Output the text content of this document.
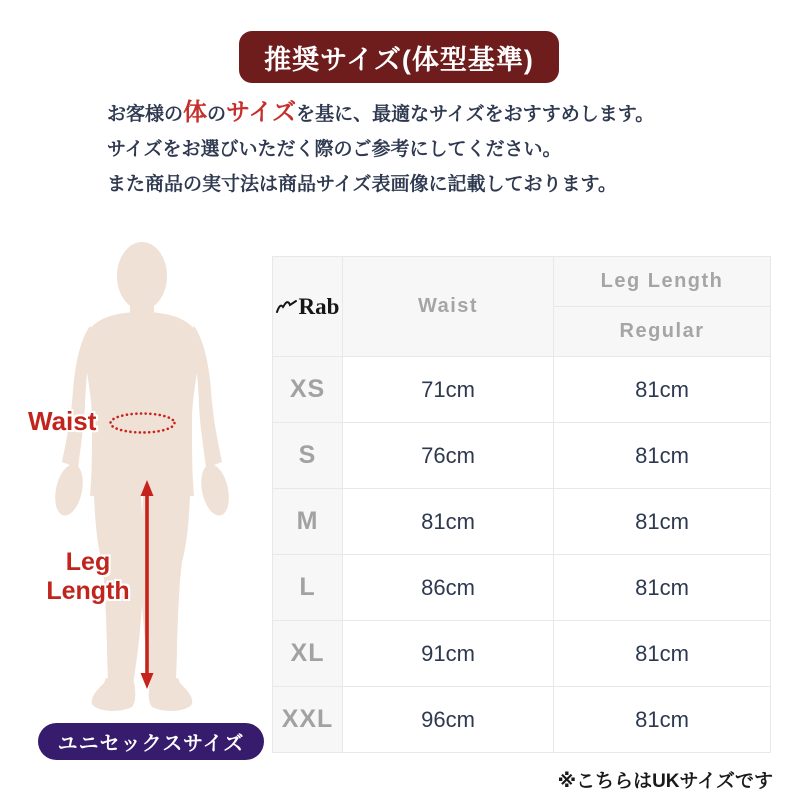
推奨サイズ(体型基準)

お客様の体のサイズを基に、最適なサイズをおすすめします。

サイズをお選びいただく際のご参考にしてください。

また商品の実寸法は商品サイズ表画像に記載しております。

Waist
Leg
Length
ユニセックスサイズ
Rab	Waist	Leg Length
		Regular
XS	71cm	81cm
S	76cm	81cm
M	81cm	81cm
L	86cm	81cm
XL	91cm	81cm
XXL	96cm	81cm
※こちらはUKサイズです
